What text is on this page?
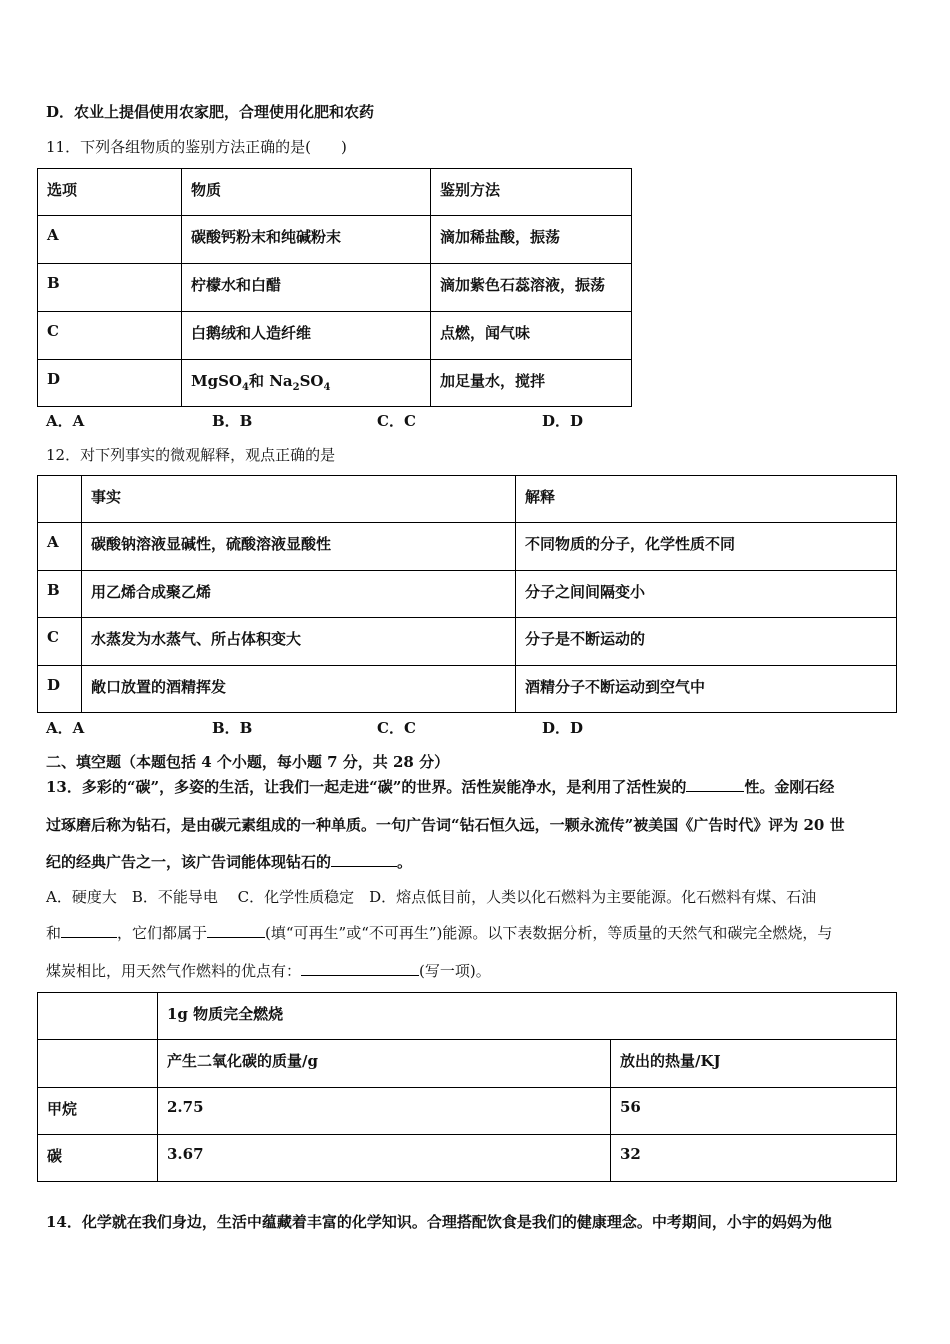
D．农业上提倡使用农家肥，合理使用化肥和农药
11．下列各组物质的鉴别方法正确的是(　　)
选项	物质	鉴别方法

A	碳酸钙粉末和纯碱粉末	滴加稀盐酸，振荡

B	柠檬水和白醋	滴加紫色石蕊溶液，振荡

C	白鹅绒和人造纤维	点燃，闻气味

D	MgSO$_4$和 $Na_2SO_4$	加足量水，搅拌
A．A	B．B	C．C	D．D
12．对下列事实的微观解释，观点正确的是

	事实	解释

A	碳酸钠溶液显碱性，硫酸溶液显酸性	不同物质的分子，化学性质不同

B	用乙烯合成聚乙烯	分子之间间隔变小

C	水蒸发为水蒸气、所占体积变大	分子是不断运动的

D	敞口放置的酒精挥发	酒精分子不断运动到空气中
A．A	B．B	C．C	D．D
二、填空题（本题包括 4 个小题，每小题 7 分，共 28 分）
13．多彩的“碳”，多姿的生活，让我们一起走进“碳”的世界。活性炭能净水，是利用了活性炭的	性。金刚石经
过琢磨后称为钻石，是由碳元素组成的一种单质。一句广告词“钻石恒久远，一颗永流传”被美国《广告时代》评为 20 世
纪的经典广告之一，该广告词能体现钻石的	。
A．硬度大　B．不能导电　 C．化学性质稳定　D．熔点低目前，人类以化石燃料为主要能源。化石燃料有煤、石油
和	，它们都属于	(填“可再生”或“不可再生”)能源。以下表数据分析，等质量的天然气和碳完全燃烧，与
煤炭相比，用天然气作燃料的优点有：	(写一项)。

	1g 物质完全燃烧	

	产生二氧化碳的质量/g	放出的热量/KJ

甲烷	2.75	56

碳	3.67	32
14．化学就在我们身边，生活中蕴藏着丰富的化学知识。合理搭配饮食是我们的健康理念。中考期间，小宇的妈妈为他
